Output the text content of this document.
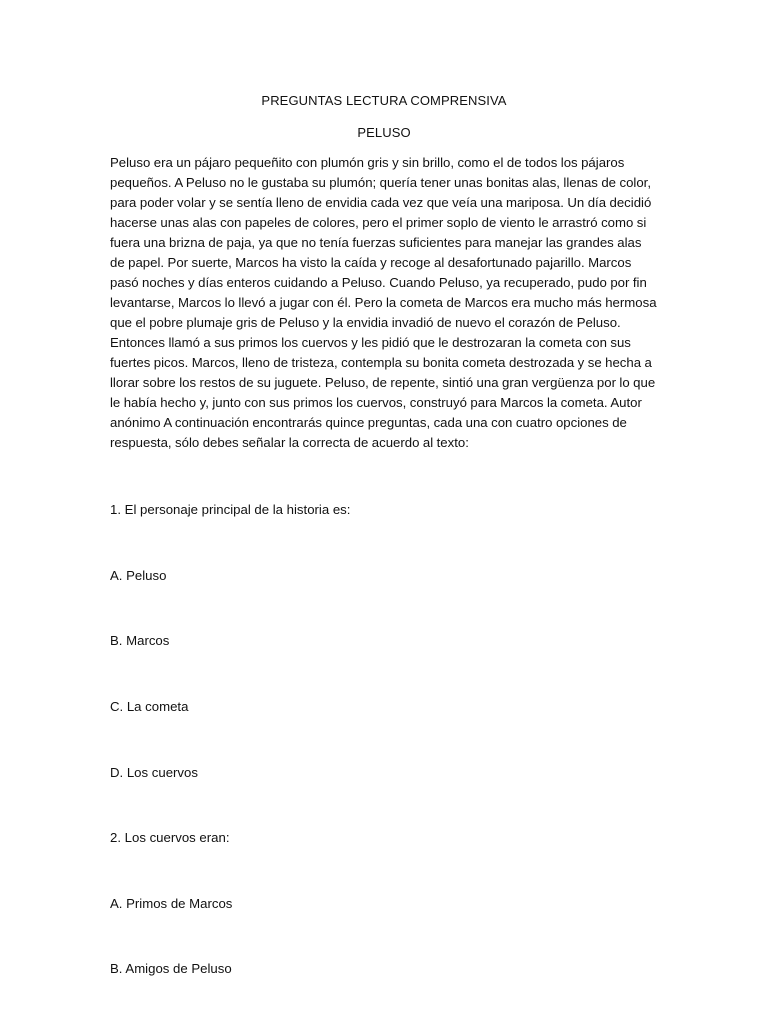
PREGUNTAS LECTURA COMPRENSIVA
PELUSO

Peluso era un pájaro pequeñito con plumón gris y sin brillo, como el de todos los pájaros pequeños. A Peluso no le gustaba su plumón; quería tener unas bonitas alas, llenas de color, para poder volar y se sentía lleno de envidia cada vez que veía una mariposa. Un día decidió hacerse unas alas con papeles de colores, pero el primer soplo de viento le arrastró como si fuera una brizna de paja, ya que no tenía fuerzas suficientes para manejar las grandes alas de papel. Por suerte, Marcos ha visto la caída y recoge al desafortunado pajarillo. Marcos pasó noches y días enteros cuidando a Peluso. Cuando Peluso, ya recuperado, pudo por fin levantarse, Marcos lo llevó a jugar con él. Pero la cometa de Marcos era mucho más hermosa que el pobre plumaje gris de Peluso y la envidia invadió de nuevo el corazón de Peluso. Entonces llamó a sus primos los cuervos y les pidió que le destrozaran la cometa con sus fuertes picos. Marcos, lleno de tristeza, contempla su bonita cometa destrozada y se hecha a llorar sobre los restos de su juguete. Peluso, de repente, sintió una gran vergüenza por lo que le había hecho y, junto con sus primos los cuervos, construyó para Marcos la cometa. Autor anónimo A continuación encontrarás quince preguntas, cada una con cuatro opciones de respuesta, sólo debes señalar la correcta de acuerdo al texto:

1. El personaje principal de la historia es:
A. Peluso
B. Marcos
C. La cometa
D. Los cuervos
2. Los cuervos eran:
A. Primos de Marcos
B. Amigos de Peluso
